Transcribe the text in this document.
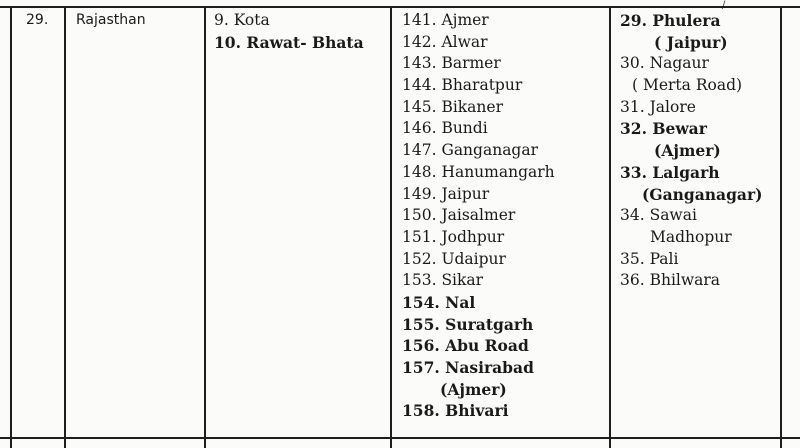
29. Rajasthan	9. Kota
10. Rawat- Bhata
141. Ajmer
142. Alwar
143. Barmer
144. Bharatpur
145. Bikaner
146. Bundi
147. Ganganagar
148. Hanumangarh
149. Jaipur
150. Jaisalmer
151. Jodhpur
152. Udaipur
153. Sikar
154. Nal
155. Suratgarh
156. Abu Road
157. Nasirabad
(Ajmer)
158. Bhivari
29. Phulera
( Jaipur)
30. Nagaur
( Merta Road)
31. Jalore
32. Bewar
(Ajmer)
33. Lalgarh
(Ganganagar)
34. Sawai
Madhopur
35. Pali
36. Bhilwara
